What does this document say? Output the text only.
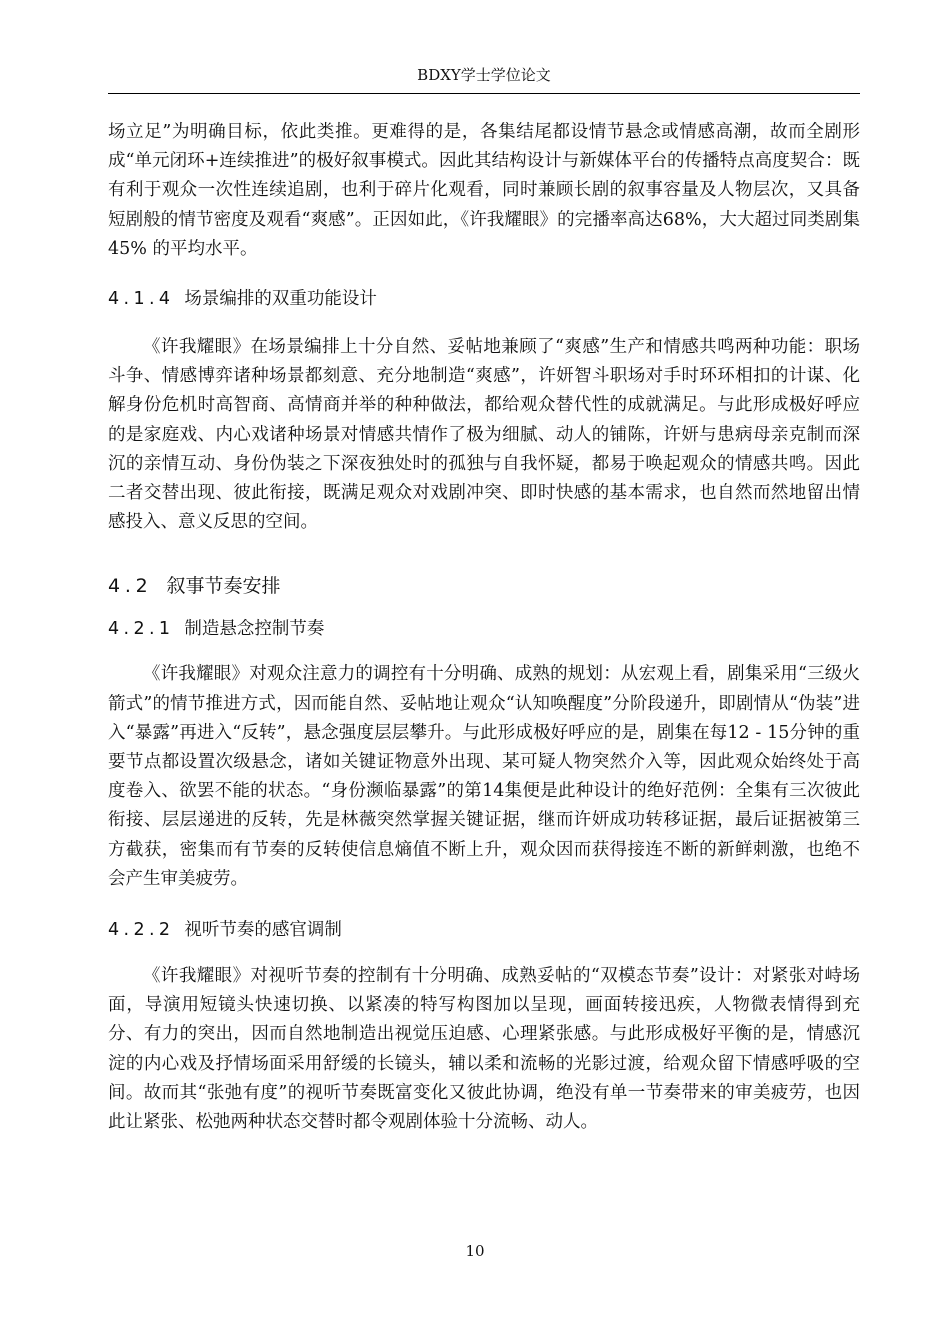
BDXY学士学位论文

场立足”为明确目标，依此类推。更难得的是，各集结尾都设情节悬念或情感高潮，故而全剧形成“单元闭环+连续推进”的极好叙事模式。因此其结构设计与新媒体平台的传播特点高度契合：既有利于观众一次性连续追剧，也利于碎片化观看，同时兼顾长剧的叙事容量及人物层次，又具备短剧般的情节密度及观看“爽感”。正因如此，《许我耀眼》的完播率高达68%，大大超过同类剧集45% 的平均水平。

4.1.4 场景编排的双重功能设计

《许我耀眼》在场景编排上十分自然、妥帖地兼顾了“爽感”生产和情感共鸣两种功能：职场斗争、情感博弈诸种场景都刻意、充分地制造“爽感”，许妍智斗职场对手时环环相扣的计谋、化解身份危机时高智商、高情商并举的种种做法，都给观众替代性的成就满足。与此形成极好呼应的是家庭戏、内心戏诸种场景对情感共情作了极为细腻、动人的铺陈，许妍与患病母亲克制而深沉的亲情互动、身份伪装之下深夜独处时的孤独与自我怀疑，都易于唤起观众的情感共鸣。因此二者交替出现、彼此衔接，既满足观众对戏剧冲突、即时快感的基本需求，也自然而然地留出情感投入、意义反思的空间。

4.2 叙事节奏安排
4.2.1 制造悬念控制节奏

《许我耀眼》对观众注意力的调控有十分明确、成熟的规划：从宏观上看，剧集采用“三级火箭式”的情节推进方式，因而能自然、妥帖地让观众“认知唤醒度”分阶段递升，即剧情从“伪装”进入“暴露”再进入“反转”，悬念强度层层攀升。与此形成极好呼应的是，剧集在每12 - 15分钟的重要节点都设置次级悬念，诸如关键证物意外出现、某可疑人物突然介入等，因此观众始终处于高度卷入、欲罢不能的状态。“身份濒临暴露”的第14集便是此种设计的绝好范例：全集有三次彼此衔接、层层递进的反转，先是林薇突然掌握关键证据，继而许妍成功转移证据，最后证据被第三方截获，密集而有节奏的反转使信息熵值不断上升，观众因而获得接连不断的新鲜刺激，也绝不会产生审美疲劳。

4.2.2 视听节奏的感官调制

《许我耀眼》对视听节奏的控制有十分明确、成熟妥帖的“双模态节奏”设计：对紧张对峙场面，导演用短镜头快速切换、以紧凑的特写构图加以呈现，画面转接迅疾，人物微表情得到充分、有力的突出，因而自然地制造出视觉压迫感、心理紧张感。与此形成极好平衡的是，情感沉淀的内心戏及抒情场面采用舒缓的长镜头，辅以柔和流畅的光影过渡，给观众留下情感呼吸的空间。故而其“张弛有度”的视听节奏既富变化又彼此协调，绝没有单一节奏带来的审美疲劳，也因此让紧张、松弛两种状态交替时都令观剧体验十分流畅、动人。

10
